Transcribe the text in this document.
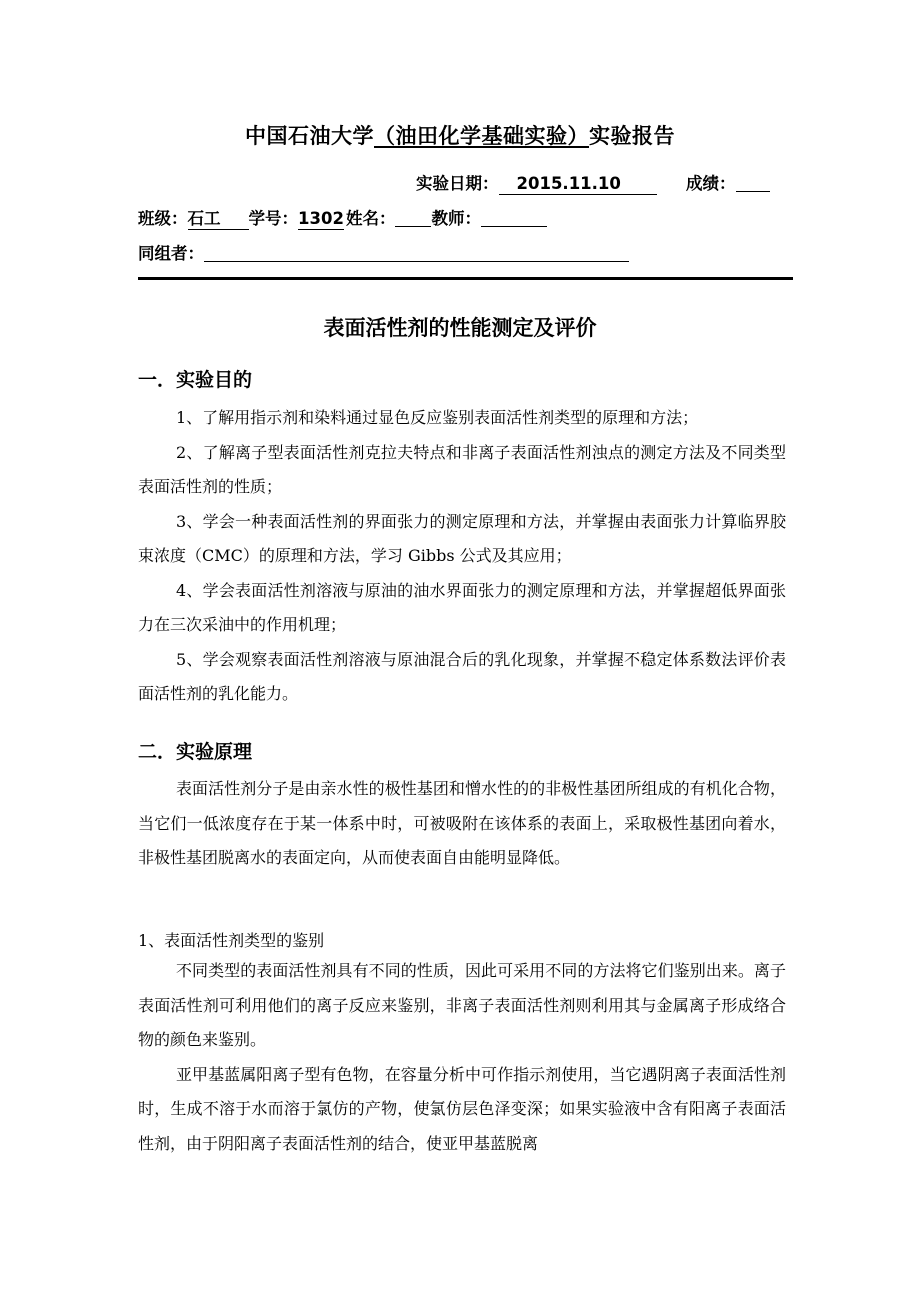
中国石油大学（油田化学基础实验）实验报告
实验日期： 2015.11.10	成绩：
班级：石工 学号：1302 姓名： 教师：
同组者：
表面活性剂的性能测定及评价
一．实验目的
1、了解用指示剂和染料通过显色反应鉴别表面活性剂类型的原理和方法；
2、了解离子型表面活性剂克拉夫特点和非离子表面活性剂浊点的测定方法及不同类型表面活性剂的性质；
3、学会一种表面活性剂的界面张力的测定原理和方法，并掌握由表面张力计算临界胶束浓度（CMC）的原理和方法，学习 Gibbs 公式及其应用；
4、学会表面活性剂溶液与原油的油水界面张力的测定原理和方法，并掌握超低界面张力在三次采油中的作用机理；
5、学会观察表面活性剂溶液与原油混合后的乳化现象，并掌握不稳定体系数法评价表面活性剂的乳化能力。
二．实验原理
表面活性剂分子是由亲水性的极性基团和憎水性的的非极性基团所组成的有机化合物，当它们一低浓度存在于某一体系中时，可被吸附在该体系的表面上，采取极性基团向着水，非极性基团脱离水的表面定向，从而使表面自由能明显降低。
1、表面活性剂类型的鉴别
不同类型的表面活性剂具有不同的性质，因此可采用不同的方法将它们鉴别出来。离子表面活性剂可利用他们的离子反应来鉴别，非离子表面活性剂则利用其与金属离子形成络合物的颜色来鉴别。
亚甲基蓝属阳离子型有色物，在容量分析中可作指示剂使用，当它遇阴离子表面活性剂时，生成不溶于水而溶于氯仿的产物，使氯仿层色泽变深；如果实验液中含有阳离子表面活性剂，由于阴阳离子表面活性剂的结合，使亚甲基蓝脱离
